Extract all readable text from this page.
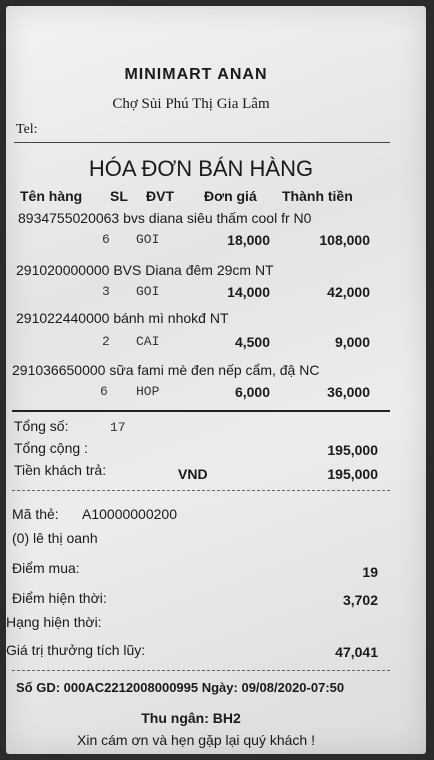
MINIMART ANAN
Chợ Sủi Phú Thị Gia Lâm
Tel:
HÓA ĐƠN BÁN HÀNG
Tên hàng SL ĐVT Đơn giá Thành tiền
8934755020063 bvs diana siêu thấm cool fr N0
6 GOI	18,000	108,000
291020000000 BVS Diana đêm 29cm NT
3 GOI	14,000	42,000
291022440000 bánh mì nhokđ NT
2 CAI	4,500	9,000
291036650000 sữa fami mè đen nếp cẩm, đậ NC
6 HOP	6,000	36,000
Tổng số:	17
Tổng cộng :	195,000
Tiền khách trả:	VND	195,000
Mã thẻ: A10000000200
(0) lê thị oanh
Điểm mua:	19
Điểm hiện thời:	3,702
Hạng hiện thời:
Giá trị thưởng tích lũy:	47,041
Số GD: 000AC2212008000995 Ngày: 09/08/2020-07:50
Thu ngân: BH2
Xin cám ơn và hẹn gặp lại quý khách !
